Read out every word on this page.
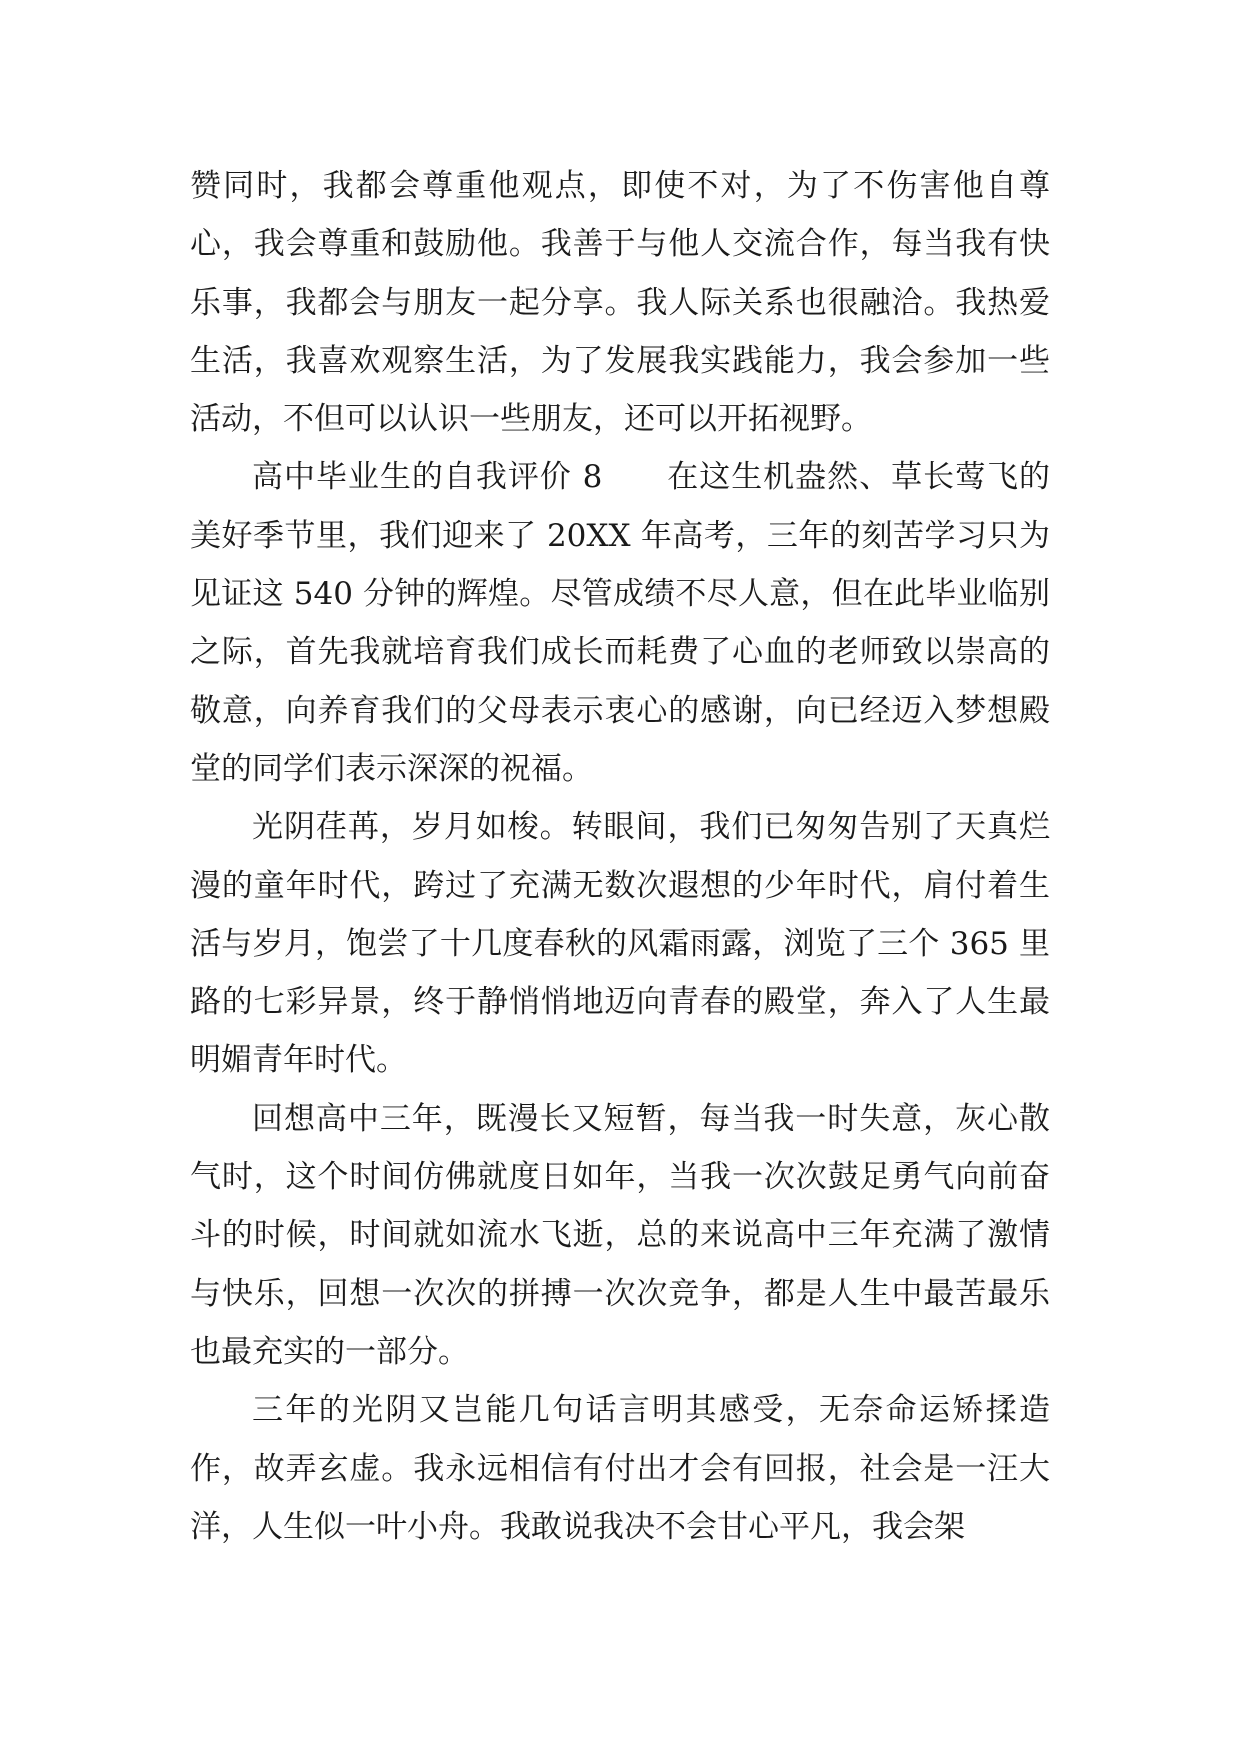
赞同时，我都会尊重他观点，即使不对，为了不伤害他自尊心，我会尊重和鼓励他。我善于与他人交流合作，每当我有快乐事，我都会与朋友一起分享。我人际关系也很融洽。我热爱生活，我喜欢观察生活，为了发展我实践能力，我会参加一些活动，不但可以认识一些朋友，还可以开拓视野。

高中毕业生的自我评价 8　　在这生机盎然、草长莺飞的美好季节里，我们迎来了 20XX 年高考，三年的刻苦学习只为见证这 540 分钟的辉煌。尽管成绩不尽人意，但在此毕业临别之际，首先我就培育我们成长而耗费了心血的老师致以崇高的敬意，向养育我们的父母表示衷心的感谢，向已经迈入梦想殿堂的同学们表示深深的祝福。

光阴荏苒，岁月如梭。转眼间，我们已匆匆告别了天真烂漫的童年时代，跨过了充满无数次遐想的少年时代，肩付着生活与岁月，饱尝了十几度春秋的风霜雨露，浏览了三个 365 里路的七彩异景，终于静悄悄地迈向青春的殿堂，奔入了人生最明媚青年时代。

回想高中三年，既漫长又短暂，每当我一时失意，灰心散气时，这个时间仿佛就度日如年，当我一次次鼓足勇气向前奋斗的时候，时间就如流水飞逝，总的来说高中三年充满了激情与快乐，回想一次次的拼搏一次次竞争，都是人生中最苦最乐也最充实的一部分。

三年的光阴又岂能几句话言明其感受，无奈命运矫揉造作，故弄玄虚。我永远相信有付出才会有回报，社会是一汪大洋，人生似一叶小舟。我敢说我决不会甘心平凡，我会架
